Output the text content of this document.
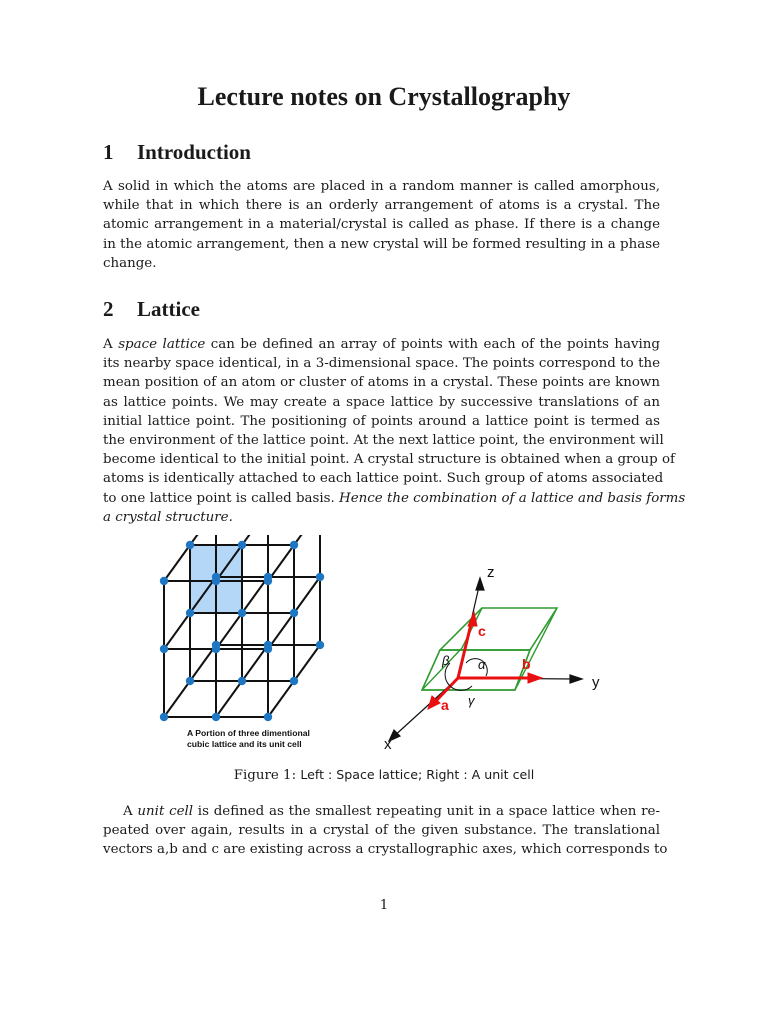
Lecture notes on Crystallography
1 Introduction
A solid in which the atoms are placed in a random manner is called amorphous,
while that in which there is an orderly arrangement of atoms is a crystal. The
atomic arrangement in a material/crystal is called as phase. If there is a change
in the atomic arrangement, then a new crystal will be formed resulting in a phase
change.
2 Lattice
A space lattice can be defined an array of points with each of the points having
its nearby space identical, in a 3-dimensional space. The points correspond to the
mean position of an atom or cluster of atoms in a crystal. These points are known
as lattice points. We may create a space lattice by successive translations of an
initial lattice point. The positioning of points around a lattice point is termed as
the environment of the lattice point. At the next lattice point, the environment will
become identical to the initial point. A crystal structure is obtained when a group of
atoms is identically attached to each lattice point. Such group of atoms associated
to one lattice point is called basis. Hence the combination of a lattice and basis forms
a crystal structure.
A Portion of three dimentional
cubic lattice and its unit cell
z
y
x
a
b
c
β α
γ
Figure 1: Left : Space lattice; Right : A unit cell
A unit cell is defined as the smallest repeating unit in a space lattice when re-
peated over again, results in a crystal of the given substance. The translational
vectors a,b and c are existing across a crystallographic axes, which corresponds to
1
